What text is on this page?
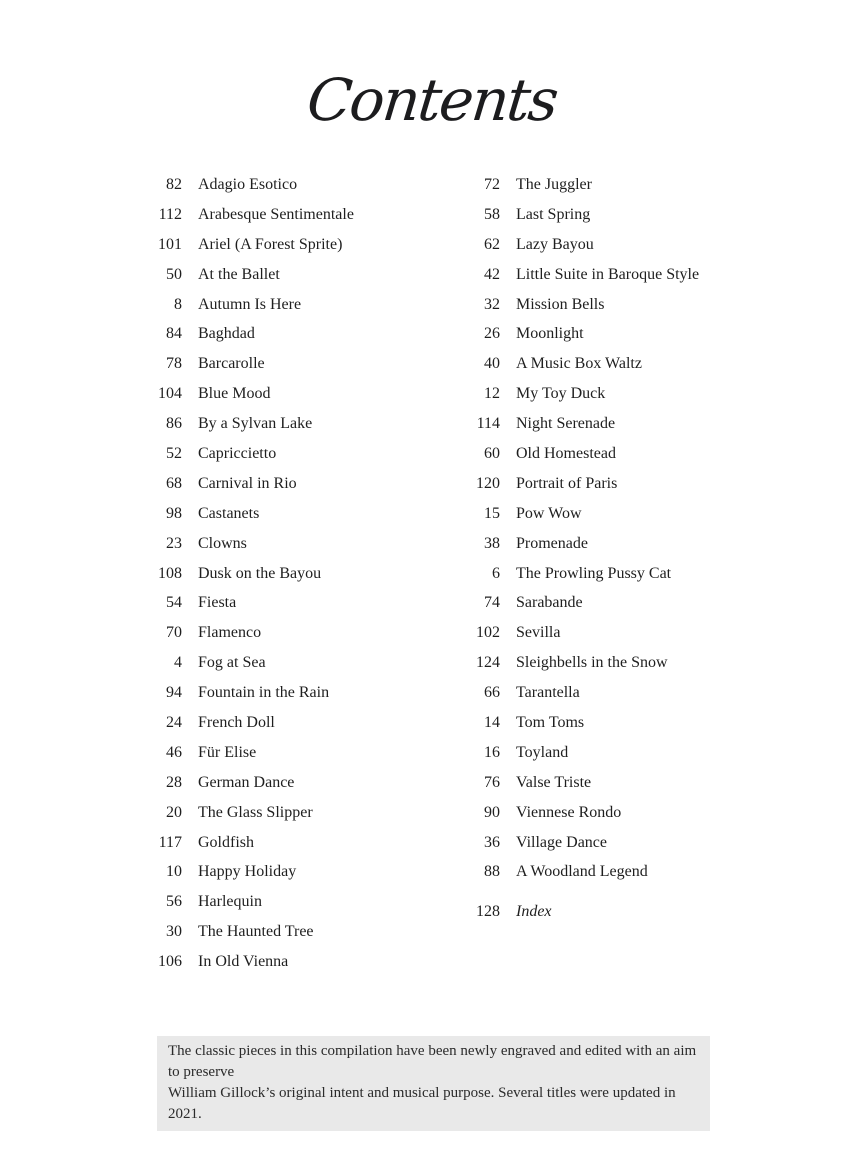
Contents
82 Adagio Esotico
112 Arabesque Sentimentale
101 Ariel (A Forest Sprite)
50 At the Ballet
8 Autumn Is Here
84 Baghdad
78 Barcarolle
104 Blue Mood
86 By a Sylvan Lake
52 Capriccietto
68 Carnival in Rio
98 Castanets
23 Clowns
108 Dusk on the Bayou
54 Fiesta
70 Flamenco
4 Fog at Sea
94 Fountain in the Rain
24 French Doll
46 Für Elise
28 German Dance
20 The Glass Slipper
117 Goldfish
10 Happy Holiday
56 Harlequin
30 The Haunted Tree
106 In Old Vienna
72 The Juggler
58 Last Spring
62 Lazy Bayou
42 Little Suite in Baroque Style
32 Mission Bells
26 Moonlight
40 A Music Box Waltz
12 My Toy Duck
114 Night Serenade
60 Old Homestead
120 Portrait of Paris
15 Pow Wow
38 Promenade
6 The Prowling Pussy Cat
74 Sarabande
102 Sevilla
124 Sleighbells in the Snow
66 Tarantella
14 Tom Toms
16 Toyland
76 Valse Triste
90 Viennese Rondo
36 Village Dance
88 A Woodland Legend
128 Index
The classic pieces in this compilation have been newly engraved and edited with an aim to preserve
William Gillock’s original intent and musical purpose. Several titles were updated in 2021.
